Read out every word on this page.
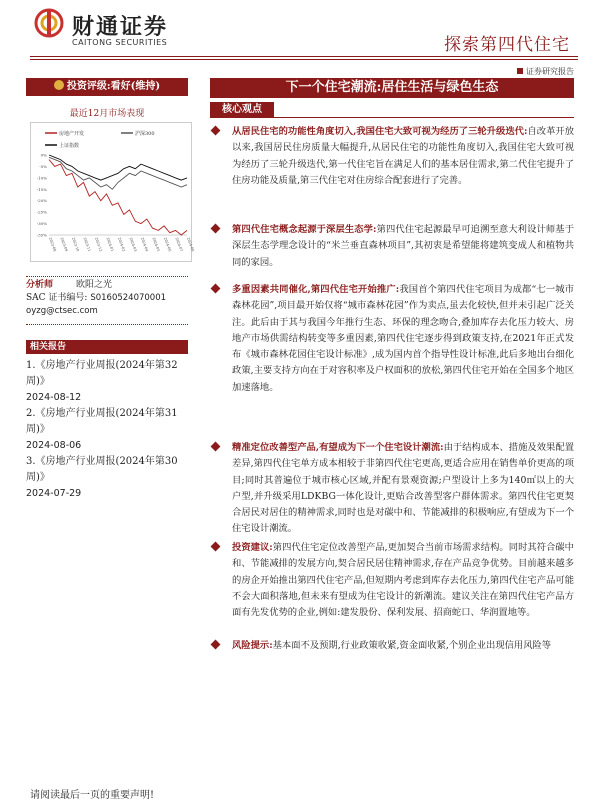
财通证券
CAITONG SECURITIES	探索第四代住宅
证券研究报告
投资评级:看好(维持)
最近12月市场表现
房地产开发	沪深300
上证指数
0%
-5%
-10%
-15%
-20%
-25%
-30%
-35%
2023-08 2023-09 2023-10 2023-11 2023-12 2024-01 2024-02 2024-03 2024-04 2024-05 2024-06 2024-07 2024-08
分析师	欧阳之光
SAC 证书编号: S0160524070001
oyzg@ctsec.com
相关报告
1.《房地产行业周报(2024年第32周)》
2024-08-12
2.《房地产行业周报(2024年第31周)》
2024-08-06
3.《房地产行业周报(2024年第30周)》
2024-07-29
下一个住宅潮流:居住生活与绿色生态
核心观点
从居民住宅的功能性角度切入,我国住宅大致可视为经历了三轮升级迭代:自改革开放以来,我国居民住房质量大幅提升,从居民住宅的功能性角度切入,我国住宅大致可视为经历了三轮升级迭代,第一代住宅旨在满足人们的基本居住需求,第二代住宅提升了住房功能及质量,第三代住宅对住房综合配套进行了完善。
第四代住宅概念起源于深层生态学:第四代住宅起源最早可追溯至意大利设计师基于深层生态学理念设计的“米兰垂直森林项目”,其初衷是希望能将建筑变成人和植物共同的家园。
多重因素共同催化,第四代住宅开始推广:我国首个第四代住宅项目为成都“七一城市森林花园”,项目最开始仅将“城市森林花园”作为卖点,虽去化较快,但并未引起广泛关注。此后由于其与我国今年推行生态、环保的理念吻合,叠加库存去化压力较大、房地产市场供需结构转变等多重因素,第四代住宅逐步得到政策支持,在2021年正式发布《城市森林花园住宅设计标准》,成为国内首个指导性设计标准,此后多地出台细化政策,主要支持方向在于对容积率及户权面积的放松,第四代住宅开始在全国多个地区加速落地。
精准定位改善型产品,有望成为下一个住宅设计潮流:由于结构成本、措施及效果配置差异,第四代住宅单方成本相较于非第四代住宅更高,更适合应用在销售单价更高的项目;同时其普遍位于城市核心区域,并配有景观资源;户型设计上多为140㎡以上的大户型,并升级采用LDKBG一体化设计,更贴合改善型客户群体需求。第四代住宅更契合居民对居住的精神需求,同时也是对碳中和、节能减排的积极响应,有望成为下一个住宅设计潮流。
投资建议:第四代住宅定位改善型产品,更加契合当前市场需求结构。同时其符合碳中和、节能减排的发展方向,契合居民居住精神需求,存在产品竞争优势。目前越来越多的房企开始推出第四代住宅产品,但短期内考虑到库存去化压力,第四代住宅产品可能不会大面积落地,但未来有望成为住宅设计的新潮流。建议关注在第四代住宅产品方面有先发优势的企业,例如:建发股份、保利发展、招商蛇口、华润置地等。
风险提示:基本面不及预期,行业政策收紧,资金面收紧,个别企业出现信用风险等
请阅读最后一页的重要声明!
